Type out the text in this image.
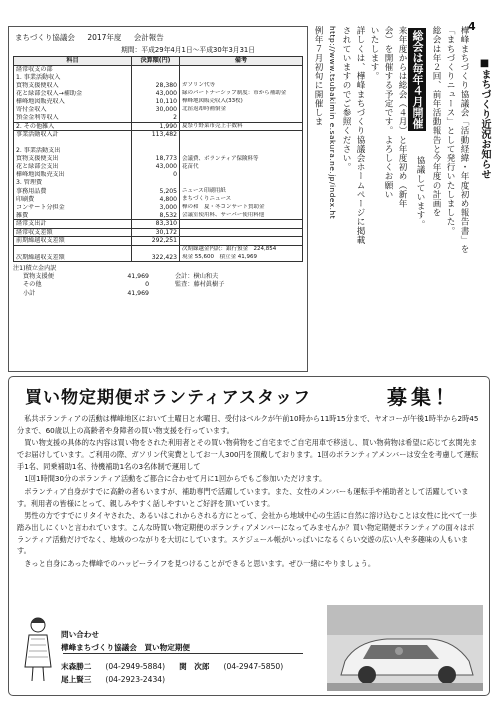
4
まちづくり協議会 2017年度 会計報告
期間：平成29年4月1日～平成30年3月31日
科目	決算額(円)	備考
経常収支の部		
1. 事業活動収入		
買物支援便収入	28,380	ガソリン代等
花と緑部会収入→補助金	43,000	緑のパートナーシップ制度：市から補助金
樺峰地図販売収入	10,110	樺峰地図販売収入(33枚)
寄付金収入	30,000	北窪返却時補償金
預金金利等収入	2	
2. その他雑入	1,990	夏祭り野菜市売上手数料
事業活動収入計	113,482	

2. 事業活動支出		
買物支援便支出	18,773	会議費、ボランティア保険料等
花と緑部会支出	43,000	花苗代
樺峰地図販売支出	0	
3. 管理費		
事務用品費	5,205	ニュース印刷用紙
印刷費	4,800	まちづくりニュース
コンサート分担金	3,000	樺の和　夏・冬コンサート賛助金
雑費	8,532	会議室使用料、サーバー使用料他
経常支出計	83,310	
経常収支差額	30,172	
前期繰越収支差額	292,251	
		次期繰越金内訳：銀行預金　224,854
次期繰越収支差額	322,423	現金 55,600　積立金 41,969
注1)積立金内訳
買物支援便	41,969	会計：横山和夫
その他	0	監査：藤村眞樹子
小計	41,969
■まちづくり近況お知らせ
樺峰まちづくり協議会「活動経緯・年度初め報告書」を
「まちづくりニュース」として発行いたしました。
総会は年２回、前年活動報告と今年度の計画を
総会は毎年４月開催
協議しています。
来年度からは総会（４月）と年度初め（新年
会）を開催する予定です。よろしくお願い
いたします。
詳しくは、樺峰まちづくり協議会ホームページに掲載
されていますのでご参照ください。
http://www.tsubakimin e.sakura.ne.jp/index.ht
例年７月初旬に開催しま
買い物定期便ボランティアスタッフ	募集！

私共ボランティアの活動は樺峰地区において土曜日と水曜日、受付はベルクが午前10時から11時15分まで、ヤオコーが午後1時半から2時45分まで、60歳以上の高齢者や身障者の買い物支援を行っています。

買い物支援の具体的な内容は買い物をされた利用者とその買い物荷物をご自宅までご自宅用車で移送し、買い物荷物は希望に応じて玄関先までお届けしています。ご利用の際、ガソリン代実費としてお一人300円を頂戴しております。1回のボランティアメンバーは安全を考慮して運転手1名、同乗補助1名、待機補助1名の3名体制で運用して

1回1時間30分のボランティア活動をご都合に合わせて月に1回からでもご参加いただけます。

ボランティア自身がすでに高齢の者もいますが、補助専門で活躍しています。また、女性のメンバーも運転手や補助者として活躍しています。利用者の皆様にとって、親しみやすく話しやすいとご好評を頂いています。

男性の方ですでにリタイヤされた、あるいはこれからされる方にとって、会社から地域中心の生活に自然に溶け込むことは女性に比べて一歩踏み出しにくいと言われています。こんな時買い物定期便のボランティアメンバーになってみませんか？買い物定期便ボランティアの面々はボランティア活動だけでなく、地域のつながりを大切にしています。スケジュール帳がいっぱいになるくらい交遊の広い人や多趣味の人もいます。

きっと自身にあった樺峰でのハッピーライフを見つけることができると思います。ぜひ一緒にやりましょう。

問い合わせ
樺峰まちづくり協議会　買い物定期便
末森勝二 (04-2949-5884) 関　次郎 (04-2947-5850)
尾上賢三 (04-2923-2434)
